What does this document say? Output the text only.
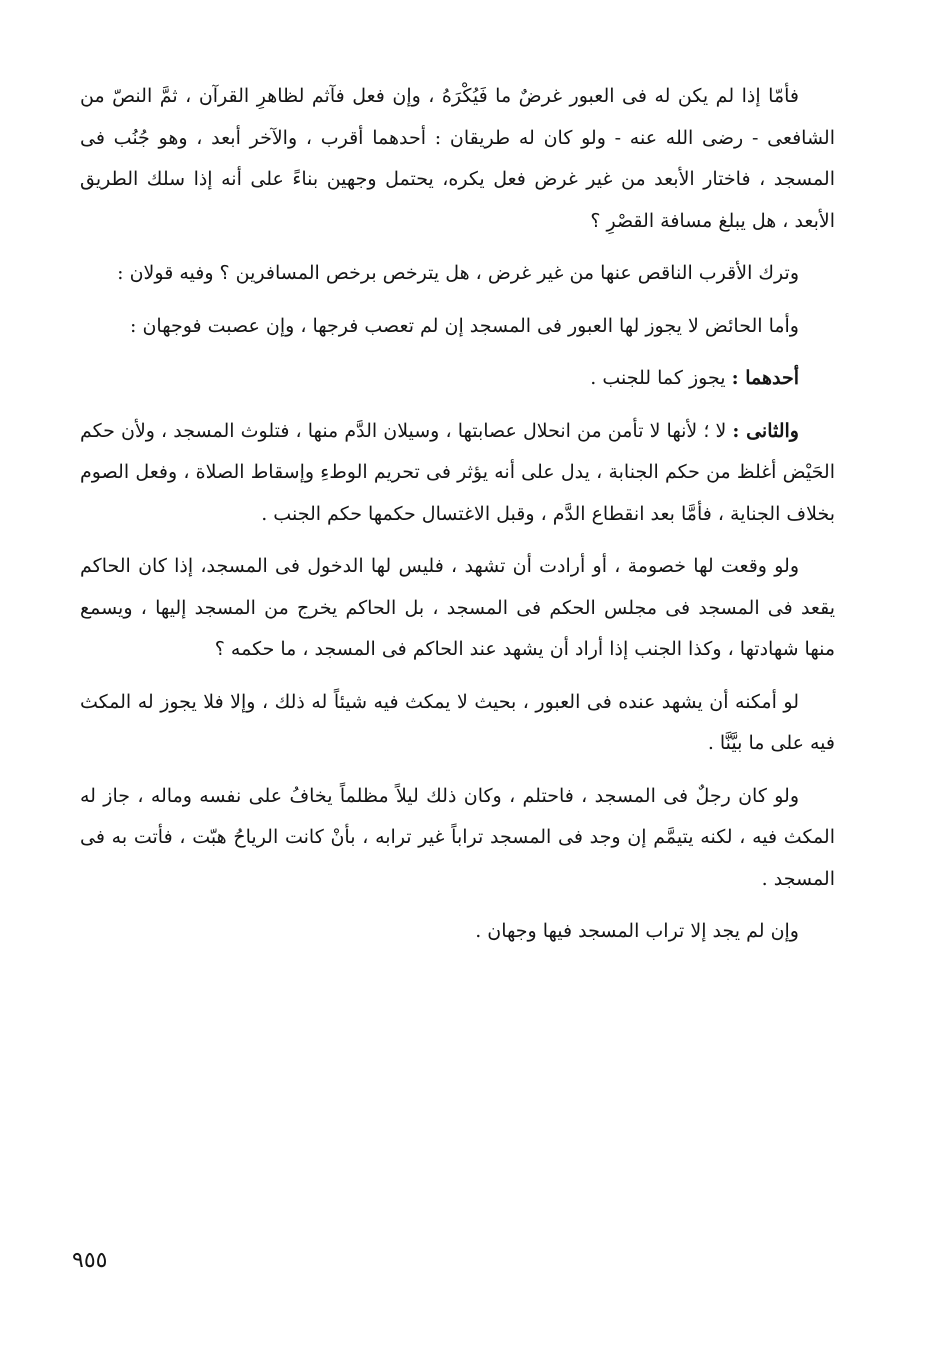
فأمّا إذا لم يكن له فى العبور غرضٌ ما فَيُكْرَهُ ، وإن فعل فآثم لظاهرِ القرآن ، ثمَّ النصّ من الشافعى - رضى الله عنه - ولو كان له طريقان : أحدهما أقرب ، والآخر أبعد ، وهو جُنُب فى المسجد ، فاختار الأبعد من غير غرض فعل يكره، يحتمل وجهين بناءً على أنه إذا سلك الطريق الأبعد ، هل يبلغ مسافة القصْرِ ؟

وترك الأقرب الناقص عنها من غير غرض ، هل يترخص برخص المسافرين ؟ وفيه قولان :

وأما الحائض لا يجوز لها العبور فى المسجد إن لم تعصب فرجها ، وإن عصبت فوجهان :

أحدهما : يجوز كما للجنب .

والثانى : لا ؛ لأنها لا تأمن من انحلال عصابتها ، وسيلان الدَّم منها ، فتلوث المسجد ، ولأن حكم الحَيْض أغلظ من حكم الجنابة ، يدل على أنه يؤثر فى تحريم الوطءِ وإسقاط الصلاة ، وفعل الصوم بخلاف الجناية ، فأمَّا بعد انقطاع الدَّم ، وقبل الاغتسال حكمها حكم الجنب .

ولو وقعت لها خصومة ، أو أرادت أن تشهد ، فليس لها الدخول فى المسجد، إذا كان الحاكم يقعد فى المسجد فى مجلس الحكم فى المسجد ، بل الحاكم يخرج من المسجد إليها ، ويسمع منها شهادتها ، وكذا الجنب إذا أراد أن يشهد عند الحاكم فى المسجد ، ما حكمه ؟

لو أمكنه أن يشهد عنده فى العبور ، بحيث لا يمكث فيه شيئاً له ذلك ، وإلا فلا يجوز له المكث فيه على ما بيَّنَّا .

ولو كان رجلٌ فى المسجد ، فاحتلم ، وكان ذلك ليلاً مظلماً يخافُ على نفسه وماله ، جاز له المكث فيه ، لكنه يتيمَّم إن وجد فى المسجد تراباً غير ترابه ، بأنْ كانت الرياحُ هبّت ، فأتت به فى المسجد .

وإن لم يجد إلا تراب المسجد فيها وجهان .

٩٥٥
